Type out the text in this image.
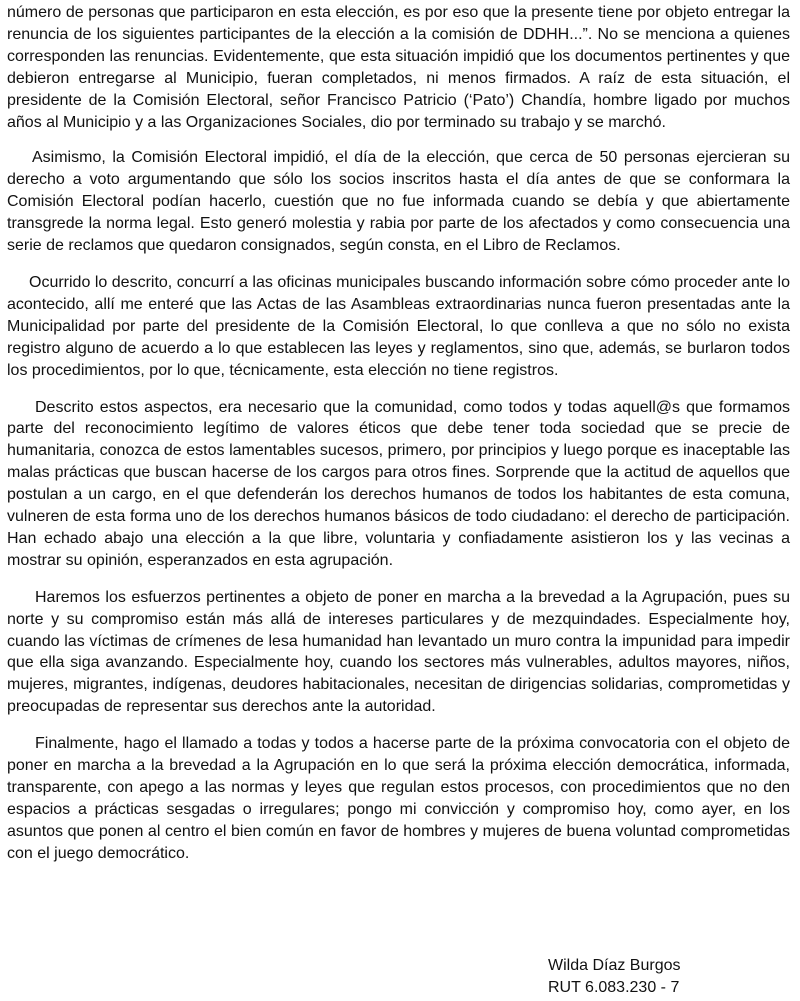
número de personas que participaron en esta elección, es por eso que la presente tiene por objeto entregar la renuncia de los siguientes participantes de la elección a la comisión de DDHH...”. No se menciona a quienes corresponden las renuncias. Evidentemente, que esta situación impidió que los documentos pertinentes y que debieron entregarse al Municipio, fueran completados, ni menos firmados. A raíz de esta situación, el presidente de la Comisión Electoral, señor Francisco Patricio (‘Pato’) Chandía, hombre ligado por muchos años al Municipio y a las Organizaciones Sociales, dio por terminado su trabajo y se marchó.

Asimismo, la Comisión Electoral impidió, el día de la elección, que cerca de 50 personas ejercieran su derecho a voto argumentando que sólo los socios inscritos hasta el día antes de que se conformara la Comisión Electoral podían hacerlo, cuestión que no fue informada cuando se debía y que abiertamente transgrede la norma legal. Esto generó molestia y rabia por parte de los afectados y como consecuencia una serie de reclamos que quedaron consignados, según consta, en el Libro de Reclamos.

Ocurrido lo descrito, concurrí a las oficinas municipales buscando información sobre cómo proceder ante lo acontecido, allí me enteré que las Actas de las Asambleas extraordinarias nunca fueron presentadas ante la Municipalidad por parte del presidente de la Comisión Electoral, lo que conlleva a que no sólo no exista registro alguno de acuerdo a lo que establecen las leyes y reglamentos, sino que, además, se burlaron todos los procedimientos, por lo que, técnicamente, esta elección no tiene registros.

Descrito estos aspectos, era necesario que la comunidad, como todos y todas aquell@s que formamos parte del reconocimiento legítimo de valores éticos que debe tener toda sociedad que se precie de humanitaria, conozca de estos lamentables sucesos, primero, por principios y luego porque es inaceptable las malas prácticas que buscan hacerse de los cargos para otros fines. Sorprende que la actitud de aquellos que postulan a un cargo, en el que defenderán los derechos humanos de todos los habitantes de esta comuna, vulneren de esta forma uno de los derechos humanos básicos de todo ciudadano: el derecho de participación. Han echado abajo una elección a la que libre, voluntaria y confiadamente asistieron los y las vecinas a mostrar su opinión, esperanzados en esta agrupación.

Haremos los esfuerzos pertinentes a objeto de poner en marcha a la brevedad a la Agrupación, pues su norte y su compromiso están más allá de intereses particulares y de mezquindades. Especialmente hoy, cuando las víctimas de crímenes de lesa humanidad han levantado un muro contra la impunidad para impedir que ella siga avanzando. Especialmente hoy, cuando los sectores más vulnerables, adultos mayores, niños, mujeres, migrantes, indígenas, deudores habitacionales, necesitan de dirigencias solidarias, comprometidas y preocupadas de representar sus derechos ante la autoridad.

Finalmente, hago el llamado a todas y todos a hacerse parte de la próxima convocatoria con el objeto de poner en marcha a la brevedad a la Agrupación en lo que será la próxima elección democrática, informada, transparente, con apego a las normas y leyes que regulan estos procesos, con procedimientos que no den espacios a prácticas sesgadas o irregulares; pongo mi convicción y compromiso hoy, como ayer, en los asuntos que ponen al centro el bien común en favor de hombres y mujeres de buena voluntad comprometidas con el juego democrático.

Wilda Díaz Burgos
RUT 6.083.230 - 7
